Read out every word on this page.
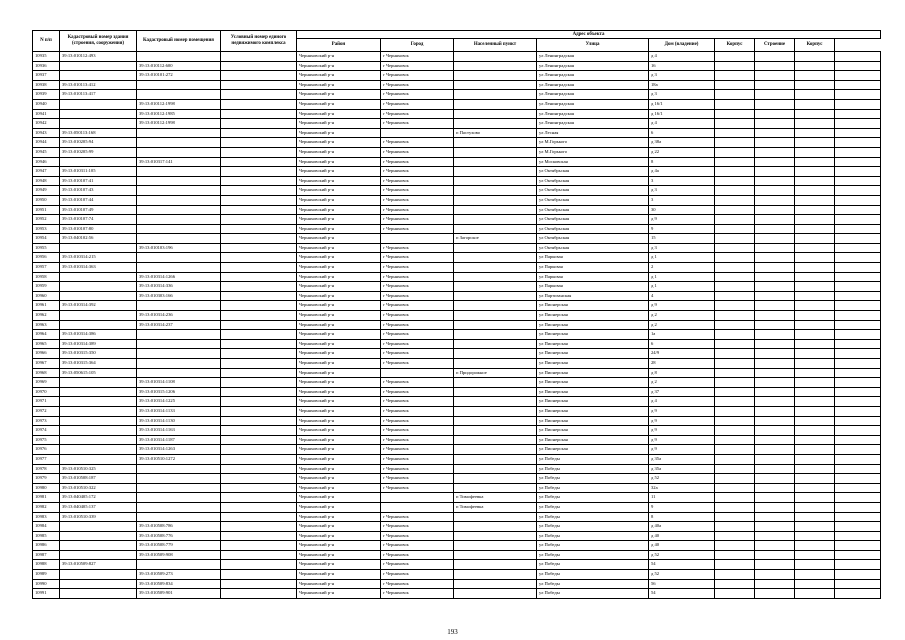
N п/п	Кадастровый номер здания (строения, сооружения)	Кадастровый номер помещения	Условный номер единого недвижимого комплекса	Адрес объекта								
				Район	Город	Населенный пункт	Улица	Дом (владение)	Корпус	Строение	Корпус	
10935	39:13:010112:493			Черняховский р-н	г Черняховск		ул Ленинградская	д 4				
10936		39:13:010112:600		Черняховский р-н	г Черняховск		ул Ленинградская	16				
10937		39:13:010101:272		Черняховский р-н	г Черняховск		ул Ленинградская	д 3				
10938	39:13:010113:412			Черняховский р-н	г Черняховск		ул Ленинградская	18а				
10939	39:13:010113:417			Черняховский р-н	г Черняховск		ул Ленинградская	д 3				
10940		39:13:010112:1998		Черняховский р-н	г Черняховск		ул Ленинградская	д 16/1				
10941		39:13:010112:1985		Черняховский р-н	г Черняховск		ул Ленинградская	д 16/1				
10942		39:13:010112:1998		Черняховский р-н	г Черняховск		ул Ленинградская	д 4				
10943	39:13:050113:168			Черняховский р-н		п Пастухово	ул Лесная	6				
10944	39:13:010205:94			Черняховский р-н	г Черняховск		ул М.Горького	д 38а				
10945	39:13:010205:99			Черняховский р-н	г Черняховск		ул М.Горького	д 22				
10946		39:13:010317:141		Черняховский р-н	г Черняховск		ул Московская	8				
10947	39:13:010311:105			Черняховский р-н	г Черняховск		ул Октябрьская	д 4а				
10948	39:13:010107:41			Черняховский р-н	г Черняховск		ул Октябрьская	3				
10949	39:13:010107:43			Черняховский р-н	г Черняховск		ул Октябрьская	д 3				
10950	39:13:010107:44			Черняховский р-н	г Черняховск		ул Октябрьская	3				
10951	39:13:010107:49			Черняховский р-н	г Черняховск		ул Октябрьская	30				
10952	39:13:010107:74			Черняховский р-н	г Черняховск		ул Октябрьская	д 9				
10953	39:13:010107:80			Черняховский р-н	г Черняховск		ул Октябрьская	9				
10954	39:13:040102:56			Черняховский р-н		п Загорское	ул Октябрьская	15				
10955		39:13:010103:196		Черняховский р-н	г Черняховск		ул Октябрьская	д 3				
10956	39:13:010314:215			Черняховский р-н	г Черняховск		ул Парковая	д 1				
10957	39:13:010314:363			Черняховский р-н	г Черняховск		ул Парковая	2				
10958		39:13:010314:1266		Черняховский р-н	г Черняховск		ул Парковая	д 1				
10959		39:13:010314:336		Черняховский р-н	г Черняховск		ул Парковая	д 1				
10960		39:13:010303:166		Черняховский р-н	г Черняховск		ул Партизанская	4				
10961	39:13:010314:392			Черняховский р-н	г Черняховск		ул Пионерская	д 9				
10962		39:13:010314:236		Черняховский р-н	г Черняховск		ул Пионерская	д 2				
10963		39:13:010314:237		Черняховский р-н	г Черняховск		ул Пионерская	д 2				
10964	39:13:010314:386			Черняховский р-н	г Черняховск		ул Пионерская	1а				
10965	39:13:010314:389			Черняховский р-н	г Черняховск		ул Пионерская	6				
10966	39:13:010315:350			Черняховский р-н	г Черняховск		ул Пионерская	24/9				
10967	39:13:010315:364			Черняховский р-н	г Черняховск		ул Пионерская	28				
10968	39:13:050615:105			Черняховский р-н		п Придорожное	ул Пионерская	д 8				
10969		39:13:010314:1108		Черняховский р-н	г Черняховск		ул Пионерская	д 2				
10970		39:13:010315:1206		Черняховский р-н	г Черняховск		ул Пионерская	д 37				
10971		39:13:010314:1225		Черняховский р-н	г Черняховск		ул Пионерская	д 4				
10972		39:13:010314:1133		Черняховский р-н	г Черняховск		ул Пионерская	д 9				
10973		39:13:010314:1130		Черняховский р-н	г Черняховск		ул Пионерская	д 9				
10974		39:13:010314:1163		Черняховский р-н	г Черняховск		ул Пионерская	д 9				
10975		39:13:010314:1187		Черняховский р-н	г Черняховск		ул Пионерская	д 9				
10976		39:13:010314:1263		Черняховский р-н	г Черняховск		ул Пионерская	д 9				
10977		39:13:010510:1272		Черняховский р-н	г Черняховск		ул Победы	д 35а				
10978	39:13:010510:325			Черняховский р-н	г Черняховск		ул Победы	д 35а				
10979	39:13:010508:187			Черняховский р-н	г Черняховск		ул Победы	д 52				
10980	39:13:010510:322			Черняховский р-н	г Черняховск		ул Победы	32а				
10981	39:13:040405:172			Черняховский р-н		п Тимофеевка	ул Победы	11				
10982	39:13:040405:137			Черняховский р-н		п Тимофеевка	ул Победы	9				
10983	39:13:010510:339			Черняховский р-н	г Черняховск		ул Победы	8				
10984		39:13:010508:786		Черняховский р-н	г Черняховск		ул Победы	д 40а				
10985		39:13:010508:776		Черняховский р-н	г Черняховск		ул Победы	д 40				
10986		39:13:010508:779		Черняховский р-н	г Черняховск		ул Победы	д 40				
10987		39:13:010509:908		Черняховский р-н	г Черняховск		ул Победы	д 52				
10988	39:13:010509:827			Черняховский р-н	г Черняховск		ул Победы	54				
10989		39:13:010509:273		Черняховский р-н	г Черняховск		ул Победы	д 52				
10990		39:13:010509:834		Черняховский р-н	г Черняховск		ул Победы	56				
10991		39:13:010509:901		Черняховский р-н	г Черняховск		ул Победы	54				
193
